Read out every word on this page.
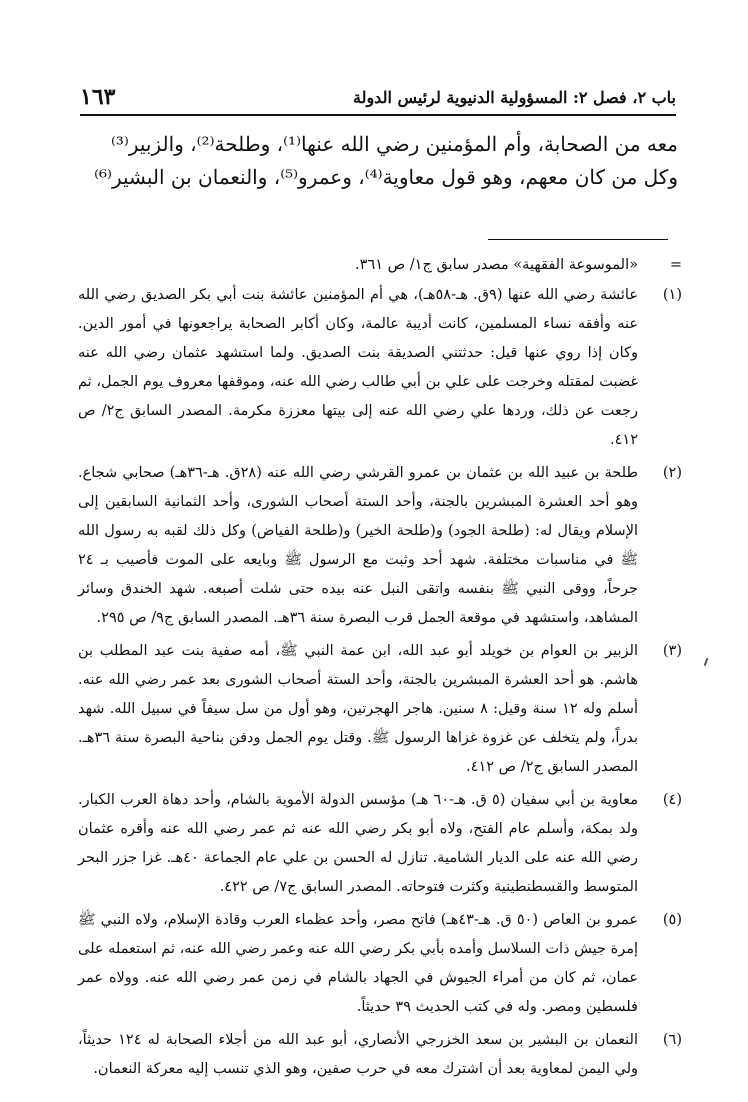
باب ٢، فصل ٢: المسؤولية الدنيوية لرئيس الدولة
١٦٣

معه من الصحابة، وأم المؤمنين رضي الله عنها⁽¹⁾، وطلحة⁽²⁾، والزبير⁽³⁾

وكل من كان معهم، وهو قول معاوية⁽⁴⁾، وعمرو⁽⁵⁾، والنعمان بن البشير⁽⁶⁾

=

«الموسوعة الفقهية» مصدر سابق ج١/ ص ٣٦١.

(١)

عائشة رضي الله عنها (٩ق. هـ-٥٨هـ)، هي أم المؤمنين عائشة بنت أبي بكر الصديق رضي الله عنه وأفقه نساء المسلمين، كانت أديبة عالمة، وكان أكابر الصحابة يراجعونها في أمور الدين. وكان إذا روي عنها قيل: حدثتني الصديقة بنت الصديق. ولما استشهد عثمان رضي الله عنه غضبت لمقتله وخرجت على علي بن أبي طالب رضي الله عنه، وموقفها معروف يوم الجمل، ثم رجعت عن ذلك، وردها علي رضي الله عنه إلى بيتها معززة مكرمة. المصدر السابق ج٢/ ص ٤١٢.

(٢)

طلحة بن عبيد الله بن عثمان بن عمرو القرشي رضي الله عنه (٢٨ق. هـ-٣٦هـ) صحابي شجاع. وهو أحد العشرة المبشرين بالجنة، وأحد الستة أصحاب الشورى، وأحد الثمانية السابقين إلى الإسلام ويقال له: (طلحة الجود) و(طلحة الخير) و(طلحة الفياض) وكل ذلك لقبه به رسول الله ﷺ في مناسبات مختلفة. شهد أحد وثبت مع الرسول ﷺ وبايعه على الموت فأصيب بـ ٢٤ جرحاً، ووقى النبي ﷺ بنفسه واتقى النبل عنه بيده حتى شلت أصبعه. شهد الخندق وسائر المشاهد، واستشهد في موقعة الجمل قرب البصرة سنة ٣٦هـ. المصدر السابق ج٩/ ص ٢٩٥.

(٣)

الزبير بن العوام بن خويلد أبو عبد الله، ابن عمة النبي ﷺ، أمه صفية بنت عبد المطلب بن هاشم. هو أحد العشرة المبشرين بالجنة، وأحد الستة أصحاب الشورى بعد عمر رضي الله عنه. أسلم وله ١٢ سنة وقيل: ٨ سنين. هاجر الهجرتين، وهو أول من سل سيفاً في سبيل الله. شهد بدراً، ولم يتخلف عن غزوة غزاها الرسول ﷺ. وقتل يوم الجمل ودفن بناحية البصرة سنة ٣٦هـ. المصدر السابق ج٢/ ص ٤١٢.

(٤)

معاوية بن أبي سفيان (٥ ق. هـ-٦٠ هـ) مؤسس الدولة الأموية بالشام، وأحد دهاة العرب الكبار. ولد بمكة، وأسلم عام الفتح، ولاه أبو بكر رضي الله عنه ثم عمر رضي الله عنه وأقره عثمان رضي الله عنه على الديار الشامية. تنازل له الحسن بن علي عام الجماعة ٤٠هـ. غزا جزر البحر المتوسط والقسطنطينية وكثرت فتوحاته. المصدر السابق ج٧/ ص ٤٢٢.

(٥)

عمرو بن العاص (٥٠ ق. هـ-٤٣هـ) فاتح مصر، وأحد عظماء العرب وقادة الإسلام، ولاه النبي ﷺ إمرة جيش ذات السلاسل وأمده بأبي بكر رضي الله عنه وعمر رضي الله عنه، ثم استعمله على عمان، ثم كان من أمراء الجيوش في الجهاد بالشام في زمن عمر رضي الله عنه. وولاه عمر فلسطين ومصر. وله في كتب الحديث ٣٩ حديثاً.

(٦)

النعمان بن البشير بن سعد الخزرجي الأنصاري، أبو عبد الله من أجلاء الصحابة له ١٢٤ حديثاً، ولي اليمن لمعاوية بعد أن اشترك معه في حرب صفين، وهو الذي تنسب إليه معركة النعمان.
